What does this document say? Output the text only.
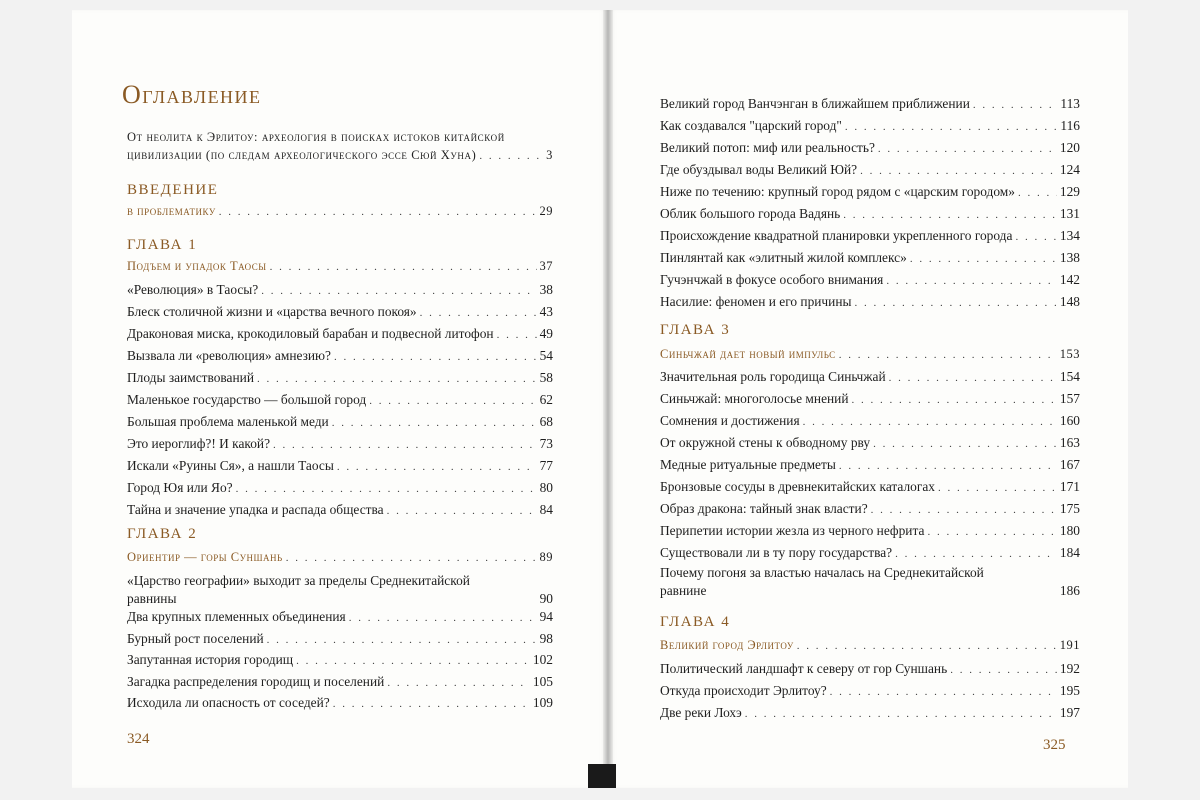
Оглавление
От неолита к Эрлитоу: археология в поисках истоков китайской
цивилизации (по следам археологического эссе Сюй Хуна) . . .	3
ВВЕДЕНИЕ
в проблематику . . .	29
ГЛАВА 1
Подъем и упадок Таосы . . .	37
«Революция» в Таосы? . . .	38
Блеск столичной жизни и «царства вечного покоя» . . .	43
Драконовая миска, крокодиловый барабан и подвесной литофон . . .	49
Вызвала ли «революция» амнезию? . . .	54
Плоды заимствований . . .	58
Маленькое государство — большой город . . .	62
Большая проблема маленькой меди . . .	68
Это иероглиф?! И какой? . . .	73
Искали «Руины Ся», а нашли Таосы . . .	77
Город Юя или Яо? . . .	80
Тайна и значение упадка и распада общества . . .	84
ГЛАВА 2
Ориентир — горы Суншань . . .	89
«Царство географии» выходит за пределы Среднекитайской
равнины	90
Два крупных племенных объединения . . .	94
Бурный рост поселений . . .	98
Запутанная история городищ . . .	102
Загадка распределения городищ и поселений . . .	105
Исходила ли опасность от соседей? . . .	109
324
Великий город Ванчэнган в ближайшем приближении . . .	113
Как создавался "царский город" . . .	116
Великий потоп: миф или реальность? . . .	120
Где обуздывал воды Великий Юй? . . .	124
Ниже по течению: крупный город рядом с «царским городом» . . .	129
Облик большого города Вадянь . . .	131
Происхождение квадратной планировки укрепленного города . . .	134
Пинлянтай как «элитный жилой комплекс» . . .	138
Гучэнчжай в фокусе особого внимания . . .	142
Насилие: феномен и его причины . . .	148
ГЛАВА 3
Синьчжай дает новый импульс . . .	153
Значительная роль городища Синьчжай . . .	154
Синьчжай: многоголосье мнений . . .	157
Сомнения и достижения . . .	160
От окружной стены к обводному рву . . .	163
Медные ритуальные предметы . . .	167
Бронзовые сосуды в древнекитайских каталогах . . .	171
Образ дракона: тайный знак власти? . . .	175
Перипетии истории жезла из черного нефрита . . .	180
Существовали ли в ту пору государства? . . .	184
Почему погоня за властью началась на Среднекитайской
равнине	186
ГЛАВА 4
Великий город Эрлитоу . . .	191
Политический ландшафт к северу от гор Суншань . . .	192
Откуда происходит Эрлитоу? . . .	195
Две реки Лохэ . . .	197
325
